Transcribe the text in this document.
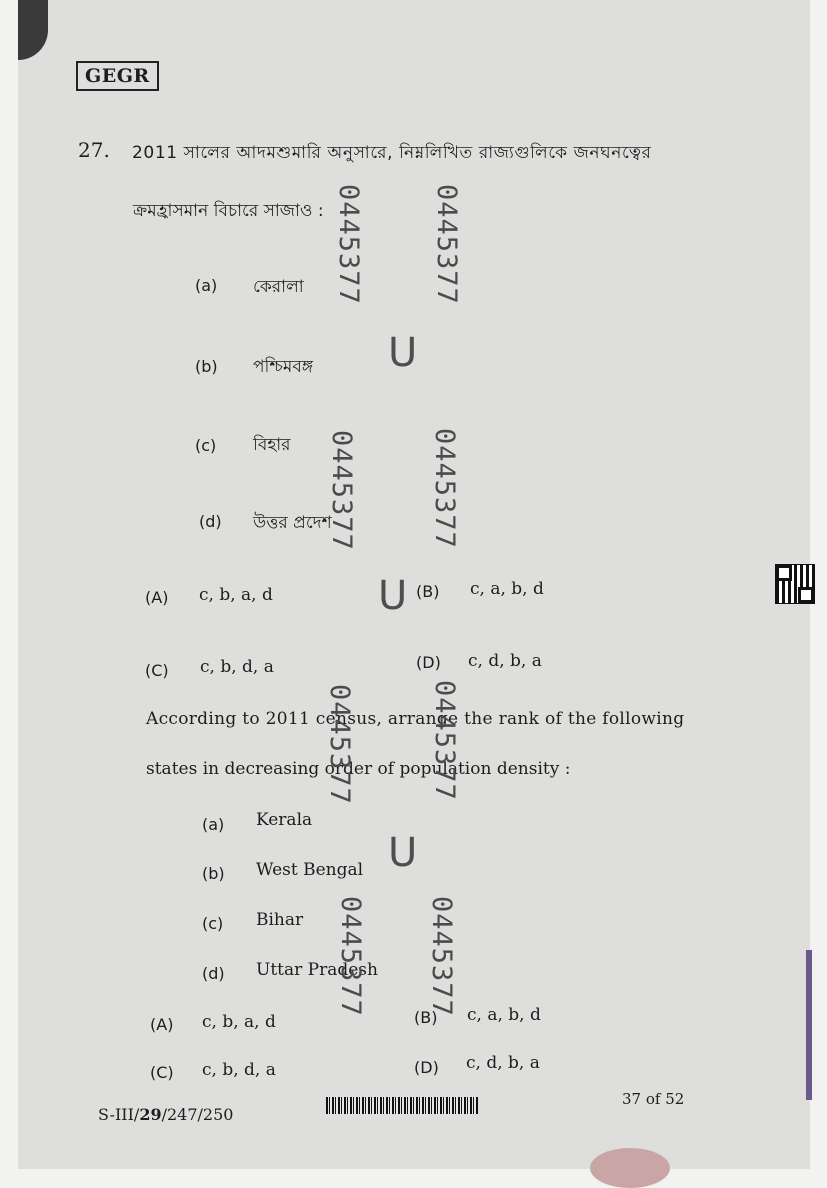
GEGR
27. 2011 সালের আদমশুমারি অনুসারে, নিম্নলিখিত রাজ্যগুলিকে জনঘনত্বের
ক্রমহ্রাসমান বিচারে সাজাও :
(a) কেরালা
(b) পশ্চিমবঙ্গ
(c) বিহার
(d) উত্তর প্রদেশ
(A) c, b, a, d	(B) c, a, b, d
(C) c, b, d, a	(D) c, d, b, a
According to 2011 census, arrange the rank of the following
states in decreasing order of population density :
(a) Kerala
(b) West Bengal
(c) Bihar
(d) Uttar Pradesh
(A) c, b, a, d	(B) c, a, b, d
(C) c, b, d, a	(D) c, d, b, a
0445377 0445377
0445377	0445377
0445377	0445377
0445377 0445377
U
U
U
S-III/29/247/250
37 of 52
